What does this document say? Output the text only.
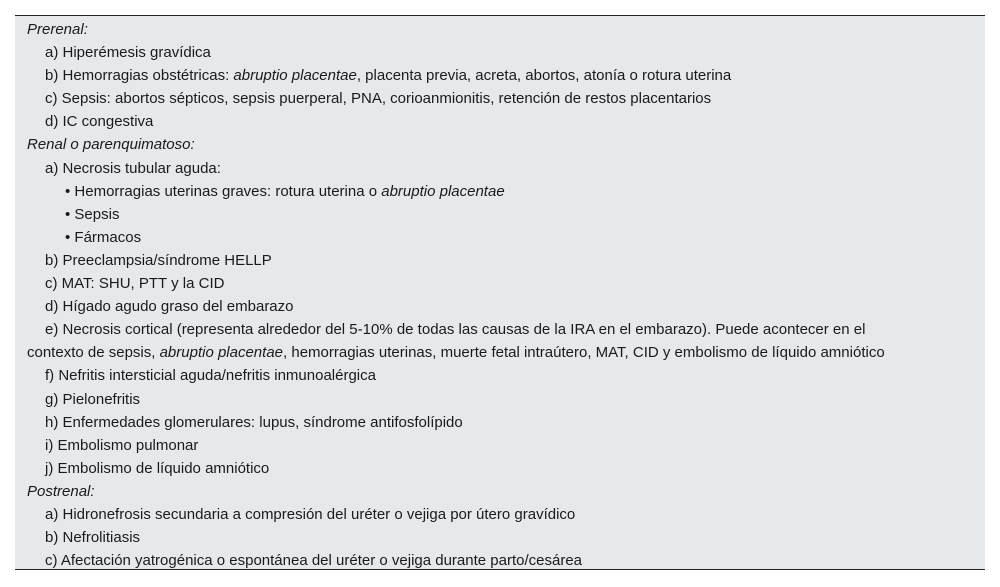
Prerenal:
a) Hiperémesis gravídica
b) Hemorragias obstétricas: abruptio placentae, placenta previa, acreta, abortos, atonía o rotura uterina
c) Sepsis: abortos sépticos, sepsis puerperal, PNA, corioanmionitis, retención de restos placentarios
d) IC congestiva
Renal o parenquimatoso:
a) Necrosis tubular aguda:
• Hemorragias uterinas graves: rotura uterina o abruptio placentae
• Sepsis
• Fármacos
b) Preeclampsia/síndrome HELLP
c) MAT: SHU, PTT y la CID
d) Hígado agudo graso del embarazo
e) Necrosis cortical (representa alrededor del 5-10% de todas las causas de la IRA en el embarazo). Puede acontecer en el contexto de sepsis, abruptio placentae, hemorragias uterinas, muerte fetal intraútero, MAT, CID y embolismo de líquido amniótico
f) Nefritis intersticial aguda/nefritis inmunoalérgica
g) Pielonefritis
h) Enfermedades glomerulares: lupus, síndrome antifosfolípido
i) Embolismo pulmonar
j) Embolismo de líquido amniótico
Postrenal:
a) Hidronefrosis secundaria a compresión del uréter o vejiga por útero gravídico
b) Nefrolitiasis
c) Afectación yatrogénica o espontánea del uréter o vejiga durante parto/cesárea
